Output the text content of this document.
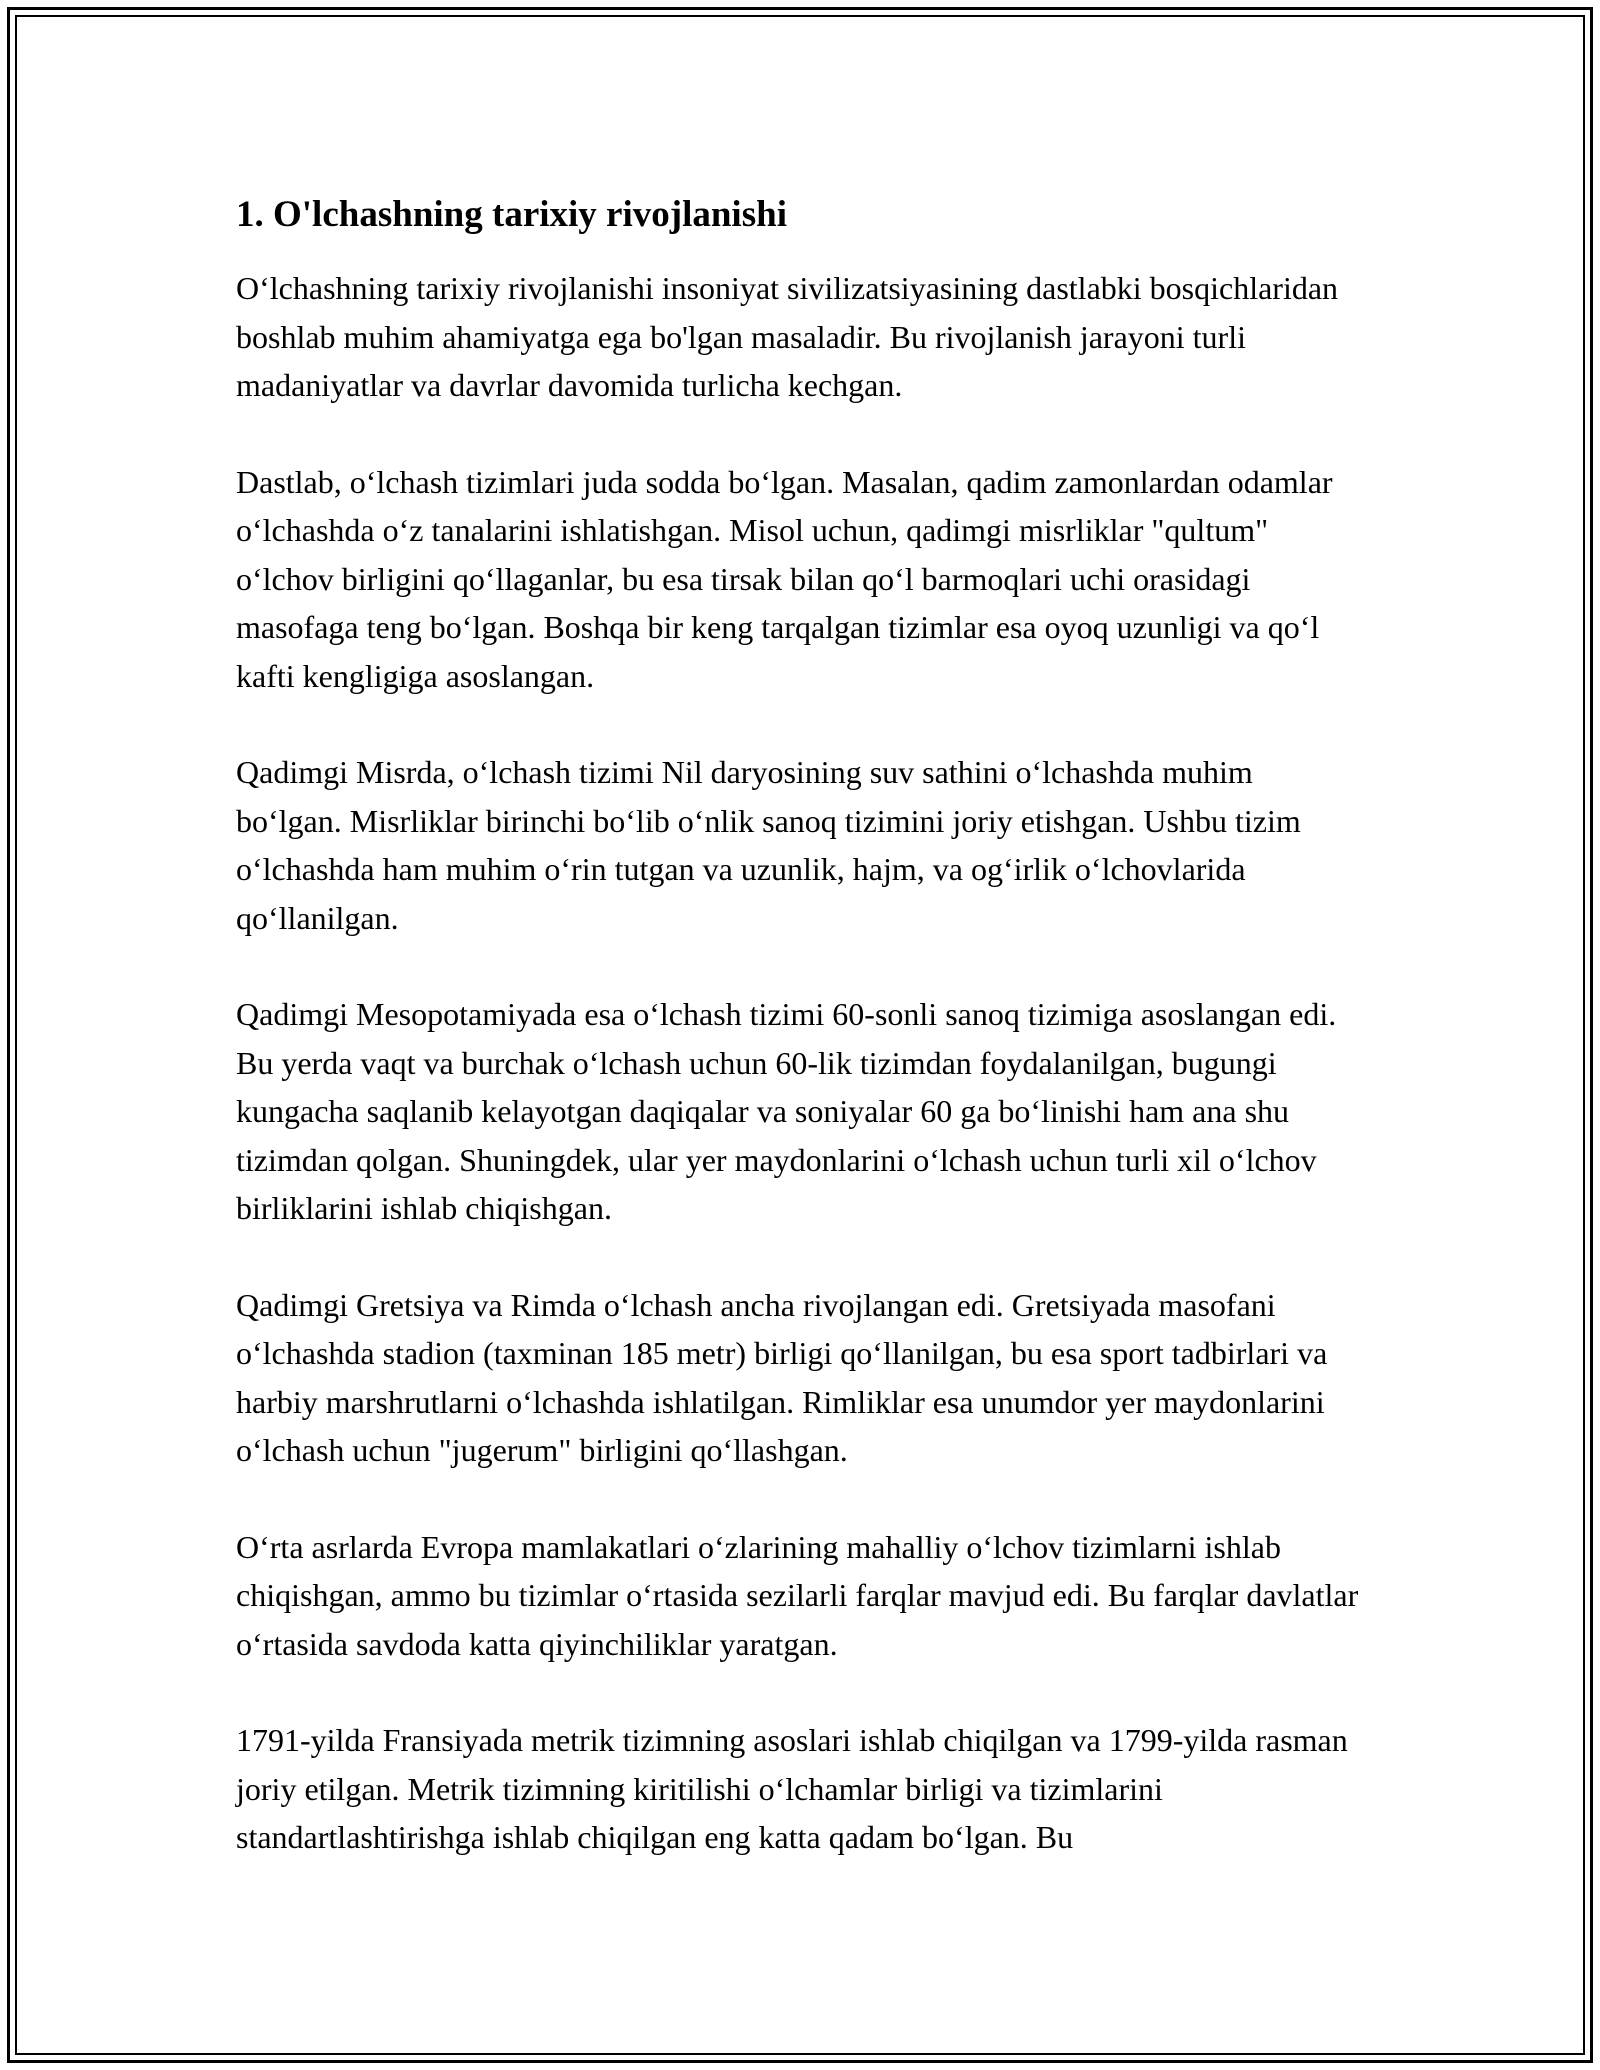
1. O'lchashning tarixiy rivojlanishi

O‘lchashning tarixiy rivojlanishi insoniyat sivilizatsiyasining dastlabki bosqichlaridan boshlab muhim ahamiyatga ega bo'lgan masaladir. Bu rivojlanish jarayoni turli madaniyatlar va davrlar davomida turlicha kechgan.

Dastlab, o‘lchash tizimlari juda sodda bo‘lgan. Masalan, qadim zamonlardan odamlar o‘lchashda o‘z tanalarini ishlatishgan. Misol uchun, qadimgi misrliklar "qultum" o‘lchov birligini qo‘llaganlar, bu esa tirsak bilan qo‘l barmoqlari uchi orasidagi masofaga teng bo‘lgan. Boshqa bir keng tarqalgan tizimlar esa oyoq uzunligi va qo‘l kafti kengligiga asoslangan.

Qadimgi Misrda, o‘lchash tizimi Nil daryosining suv sathini o‘lchashda muhim bo‘lgan. Misrliklar birinchi bo‘lib o‘nlik sanoq tizimini joriy etishgan. Ushbu tizim o‘lchashda ham muhim o‘rin tutgan va uzunlik, hajm, va og‘irlik o‘lchovlarida qo‘llanilgan.

Qadimgi Mesopotamiyada esa o‘lchash tizimi 60-sonli sanoq tizimiga asoslangan edi. Bu yerda vaqt va burchak o‘lchash uchun 60-lik tizimdan foydalanilgan, bugungi kungacha saqlanib kelayotgan daqiqalar va soniyalar 60 ga bo‘linishi ham ana shu tizimdan qolgan. Shuningdek, ular yer maydonlarini o‘lchash uchun turli xil o‘lchov birliklarini ishlab chiqishgan.

Qadimgi Gretsiya va Rimda o‘lchash ancha rivojlangan edi. Gretsiyada masofani o‘lchashda stadion (taxminan 185 metr) birligi qo‘llanilgan, bu esa sport tadbirlari va harbiy marshrutlarni o‘lchashda ishlatilgan. Rimliklar esa unumdor yer maydonlarini o‘lchash uchun "jugerum" birligini qo‘llashgan.

O‘rta asrlarda Evropa mamlakatlari o‘zlarining mahalliy o‘lchov tizimlarni ishlab chiqishgan, ammo bu tizimlar o‘rtasida sezilarli farqlar mavjud edi. Bu farqlar davlatlar o‘rtasida savdoda katta qiyinchiliklar yaratgan.

1791-yilda Fransiyada metrik tizimning asoslari ishlab chiqilgan va 1799-yilda rasman joriy etilgan. Metrik tizimning kiritilishi o‘lchamlar birligi va tizimlarini standartlashtirishga ishlab chiqilgan eng katta qadam bo‘lgan. Bu
